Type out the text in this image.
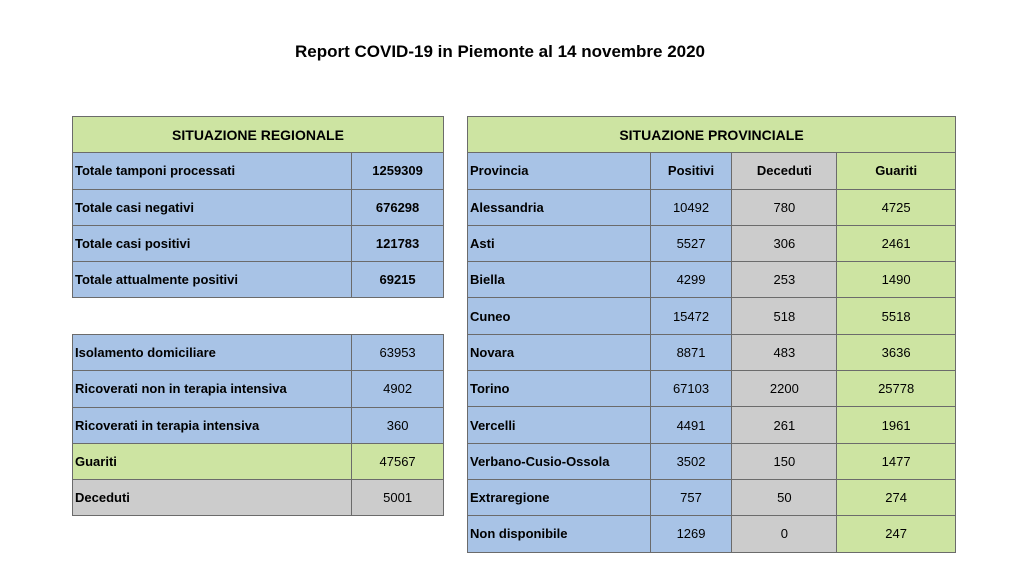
Report COVID-19 in Piemonte al 14 novembre 2020
SITUAZIONE REGIONALE	
Totale tamponi processati	1259309
Totale casi negativi	676298
Totale casi positivi	121783
Totale attualmente positivi	69215
Isolamento domiciliare	63953
Ricoverati non in terapia intensiva	4902
Ricoverati in terapia intensiva	360
Guariti	47567
Deceduti	5001
SITUAZIONE PROVINCIALE			
Provincia	Positivi	Deceduti	Guariti
Alessandria	10492	780	4725
Asti	5527	306	2461
Biella	4299	253	1490
Cuneo	15472	518	5518
Novara	8871	483	3636
Torino	67103	2200	25778
Vercelli	4491	261	1961
Verbano-Cusio-Ossola	3502	150	1477
Extraregione	757	50	274
Non disponibile	1269	0	247
